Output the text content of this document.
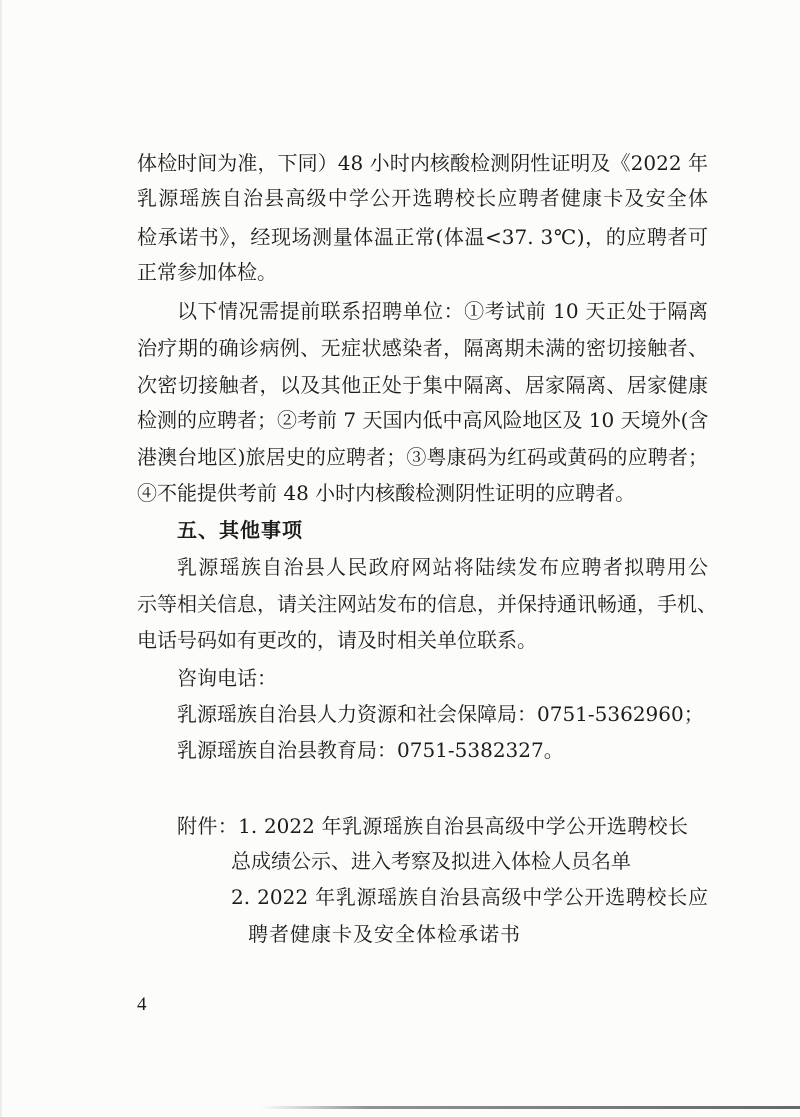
体检时间为准，下同）48 小时内核酸检测阴性证明及《2022 年
乳源瑶族自治县高级中学公开选聘校长应聘者健康卡及安全体
检承诺书》，经现场测量体温正常(体温<37. 3℃)，的应聘者可
正常参加体检。
以下情况需提前联系招聘单位：①考试前 10 天正处于隔离
治疗期的确诊病例、无症状感染者，隔离期未满的密切接触者、
次密切接触者，以及其他正处于集中隔离、居家隔离、居家健康
检测的应聘者；②考前 7 天国内低中高风险地区及 10 天境外(含
港澳台地区)旅居史的应聘者；③粤康码为红码或黄码的应聘者；
④不能提供考前 48 小时内核酸检测阴性证明的应聘者。
五、其他事项
乳源瑶族自治县人民政府网站将陆续发布应聘者拟聘用公
示等相关信息，请关注网站发布的信息，并保持通讯畅通，手机、
电话号码如有更改的，请及时相关单位联系。
咨询电话：
乳源瑶族自治县人力资源和社会保障局：0751-5362960；
乳源瑶族自治县教育局：0751-5382327。
附件：1. 2022 年乳源瑶族自治县高级中学公开选聘校长
总成绩公示、进入考察及拟进入体检人员名单
2. 2022 年乳源瑶族自治县高级中学公开选聘校长应
聘者健康卡及安全体检承诺书
4
